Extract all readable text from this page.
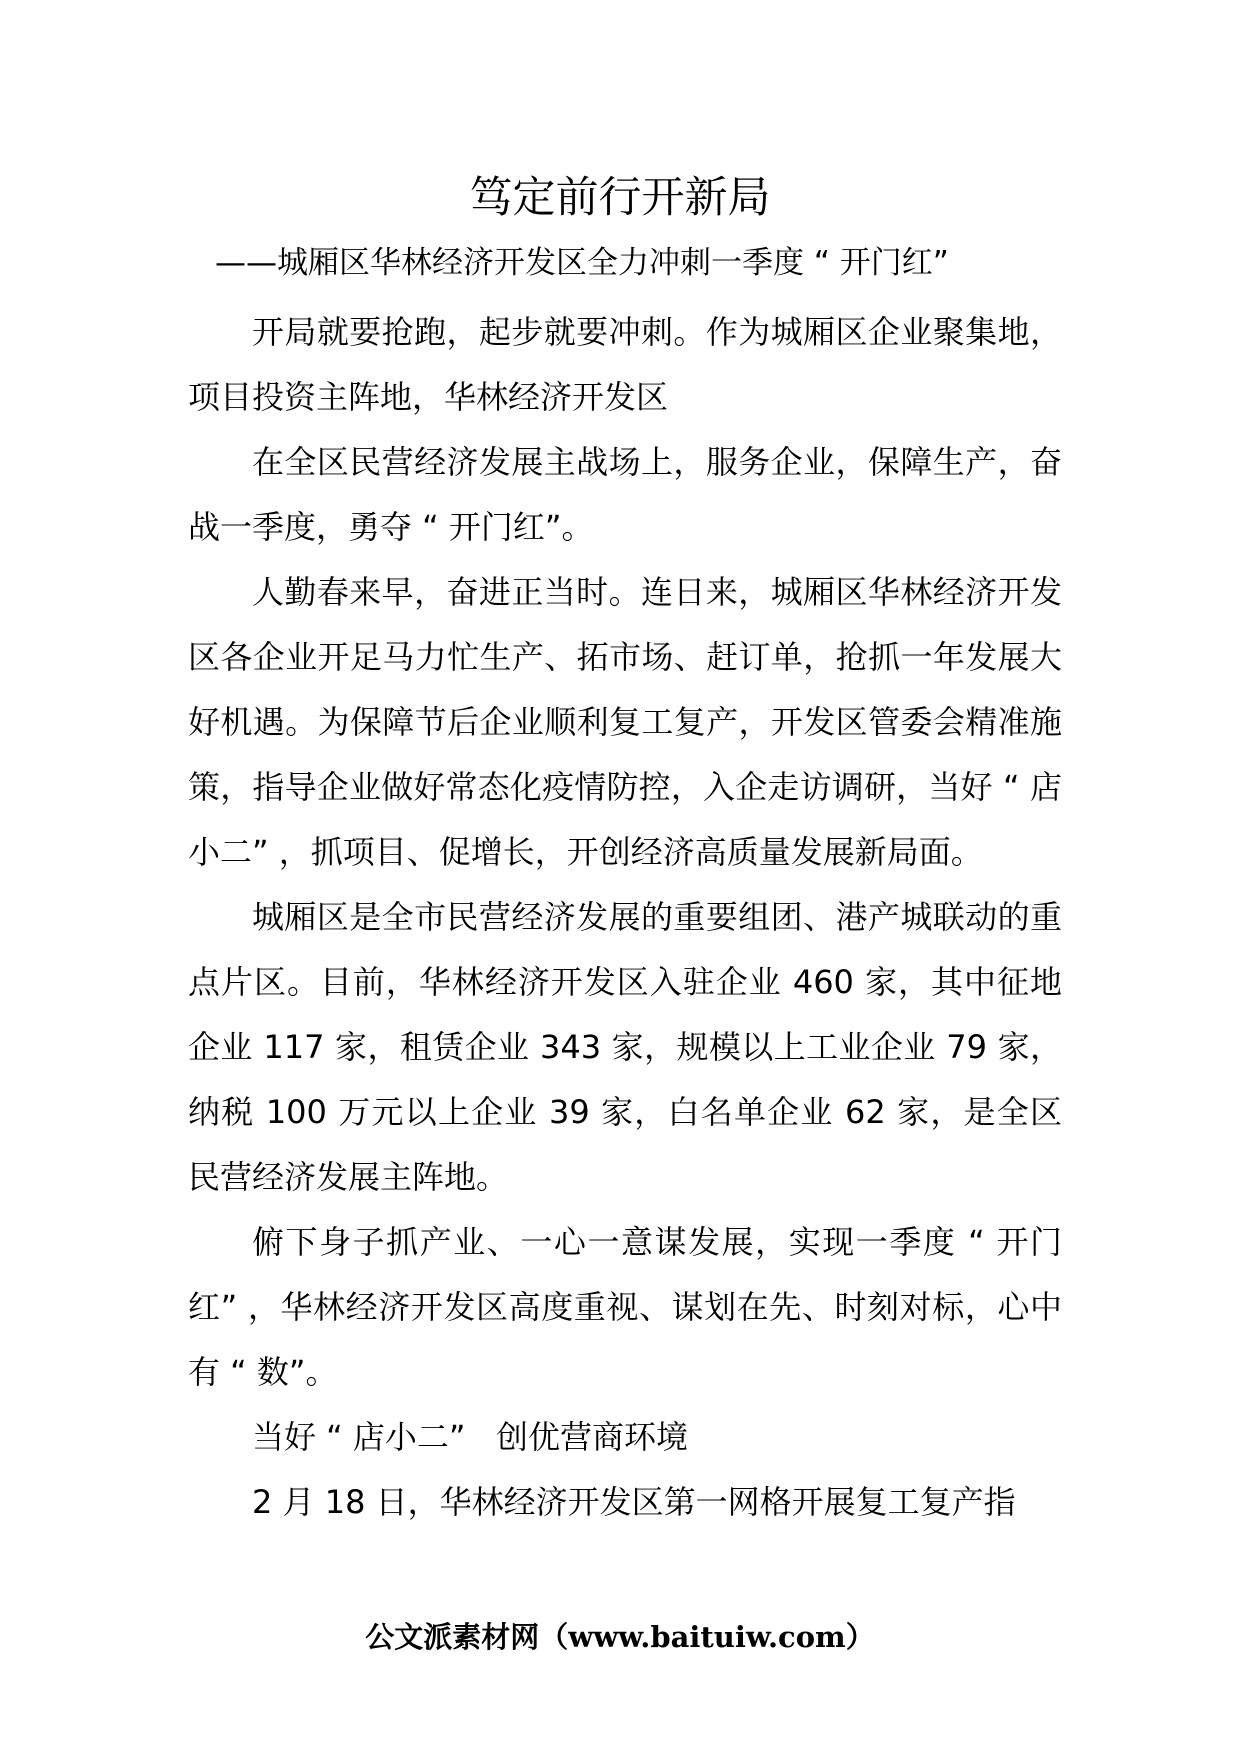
笃定前行开新局
——城厢区华林经济开发区全力冲刺一季度 “ 开门红”

开局就要抢跑，起步就要冲刺。作为城厢区企业聚集地，项目投资主阵地，华林经济开发区

在全区民营经济发展主战场上，服务企业，保障生产，奋战一季度，勇夺 “ 开门红”。

人勤春来早，奋进正当时。连日来，城厢区华林经济开发区各企业开足马力忙生产、拓市场、赶订单，抢抓一年发展大好机遇。为保障节后企业顺利复工复产，开发区管委会精准施策，指导企业做好常态化疫情防控，入企走访调研，当好 “ 店小二” ，抓项目、促增长，开创经济高质量发展新局面。

城厢区是全市民营经济发展的重要组团、港产城联动的重点片区。目前，华林经济开发区入驻企业 460 家，其中征地企业 117 家，租赁企业 343 家，规模以上工业企业 79 家，纳税 100 万元以上企业 39 家，白名单企业 62 家，是全区民营经济发展主阵地。

俯下身子抓产业、一心一意谋发展，实现一季度 “ 开门红” ，华林经济开发区高度重视、谋划在先、时刻对标，心中有 “ 数”。

当好 “ 店小二”   创优营商环境

2 月 18 日，华林经济开发区第一网格开展复工复产指

公文派素材网（www.baituiw.com）
